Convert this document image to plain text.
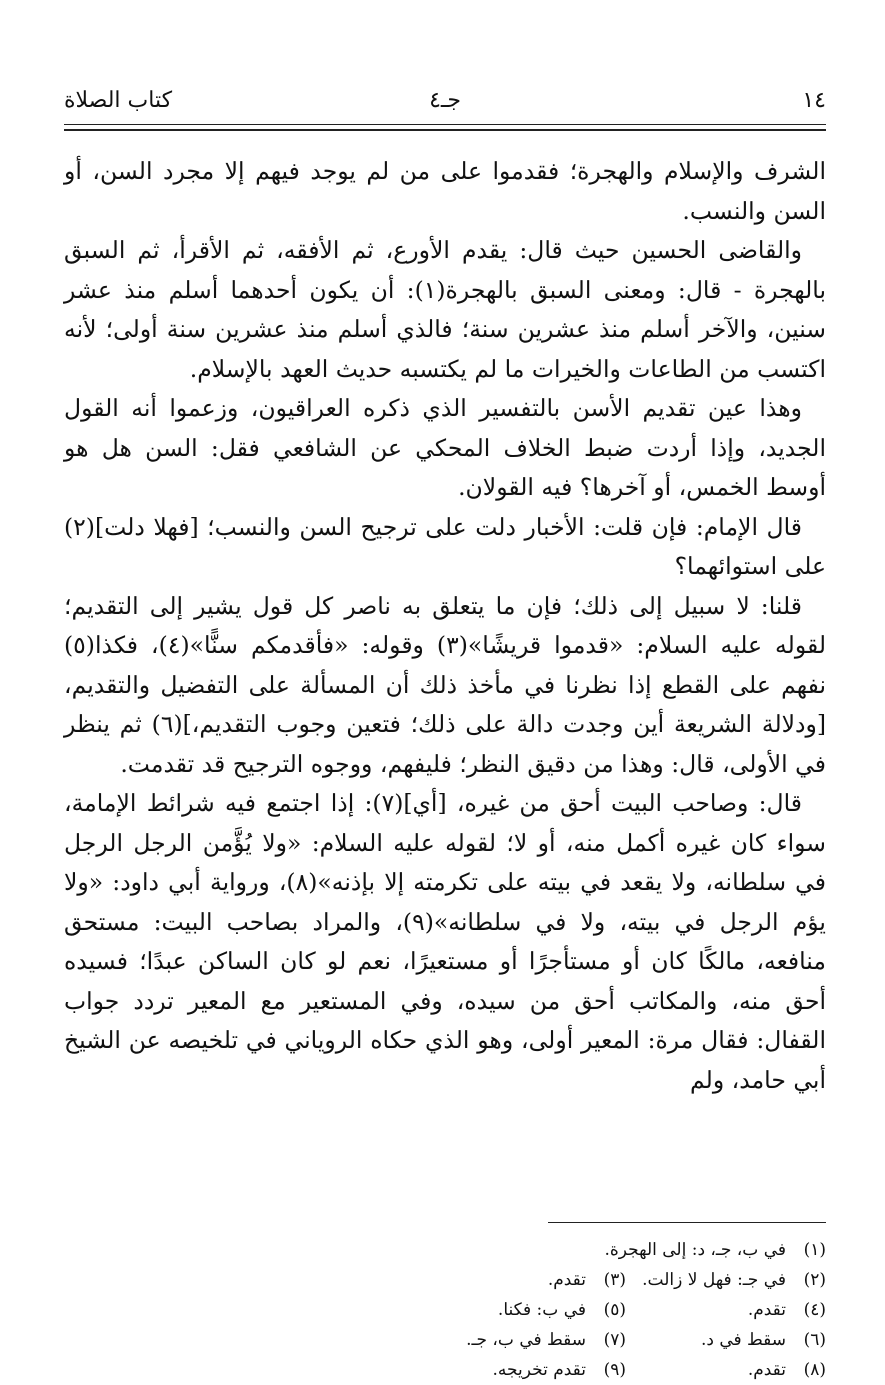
١٤
جـ٤
كتاب الصلاة

الشرف والإسلام والهجرة؛ فقدموا على من لم يوجد فيهم إلا مجرد السن، أو السن والنسب.

والقاضى الحسين حيث قال: يقدم الأورع، ثم الأفقه، ثم الأقرأ، ثم السبق بالهجرة - قال: ومعنى السبق بالهجرة(١): أن يكون أحدهما أسلم منذ عشر سنين، والآخر أسلم منذ عشرين سنة؛ فالذي أسلم منذ عشرين سنة أولى؛ لأنه اكتسب من الطاعات والخيرات ما لم يكتسبه حديث العهد بالإسلام.

وهذا عين تقديم الأسن بالتفسير الذي ذكره العراقيون، وزعموا أنه القول الجديد، وإذا أردت ضبط الخلاف المحكي عن الشافعي فقل: السن هل هو أوسط الخمس، أو آخرها؟ فيه القولان.

قال الإمام: فإن قلت: الأخبار دلت على ترجيح السن والنسب؛ [فهلا دلت](٢) على استوائهما؟

قلنا: لا سبيل إلى ذلك؛ فإن ما يتعلق به ناصر كل قول يشير إلى التقديم؛ لقوله عليه السلام: «قدموا قريشًا»(٣) وقوله: «فأقدمكم سنًّا»(٤)، فكذا(٥) نفهم على القطع إذا نظرنا في مأخذ ذلك أن المسألة على التفضيل والتقديم، [ودلالة الشريعة أين وجدت دالة على ذلك؛ فتعين وجوب التقديم،](٦) ثم ينظر في الأولى، قال: وهذا من دقيق النظر؛ فليفهم، ووجوه الترجيح قد تقدمت.

قال: وصاحب البيت أحق من غيره، [أي](٧): إذا اجتمع فيه شرائط الإمامة، سواء كان غيره أكمل منه، أو لا؛ لقوله عليه السلام: «ولا يُؤَّمن الرجل الرجل في سلطانه، ولا يقعد في بيته على تكرمته إلا بإذنه»(٨)، ورواية أبي داود: «ولا يؤم الرجل في بيته، ولا في سلطانه»(٩)، والمراد بصاحب البيت: مستحق منافعه، مالكًا كان أو مستأجرًا أو مستعيرًا، نعم لو كان الساكن عبدًا؛ فسيده أحق منه، والمكاتب أحق من سيده، وفي المستعير مع المعير تردد جواب القفال: فقال مرة: المعير أولى، وهو الذي حكاه الروياني في تلخيصه عن الشيخ أبي حامد، ولم

(١)في ب، جـ، د: إلى الهجرة.
(٢)في جـ: فهل لا زالت.
(٣)تقدم.
(٤)تقدم.
(٥)في ب: فكنا.
(٦)سقط في د.
(٧)سقط في ب، جـ.
(٨)تقدم.
(٩)تقدم تخريجه.
